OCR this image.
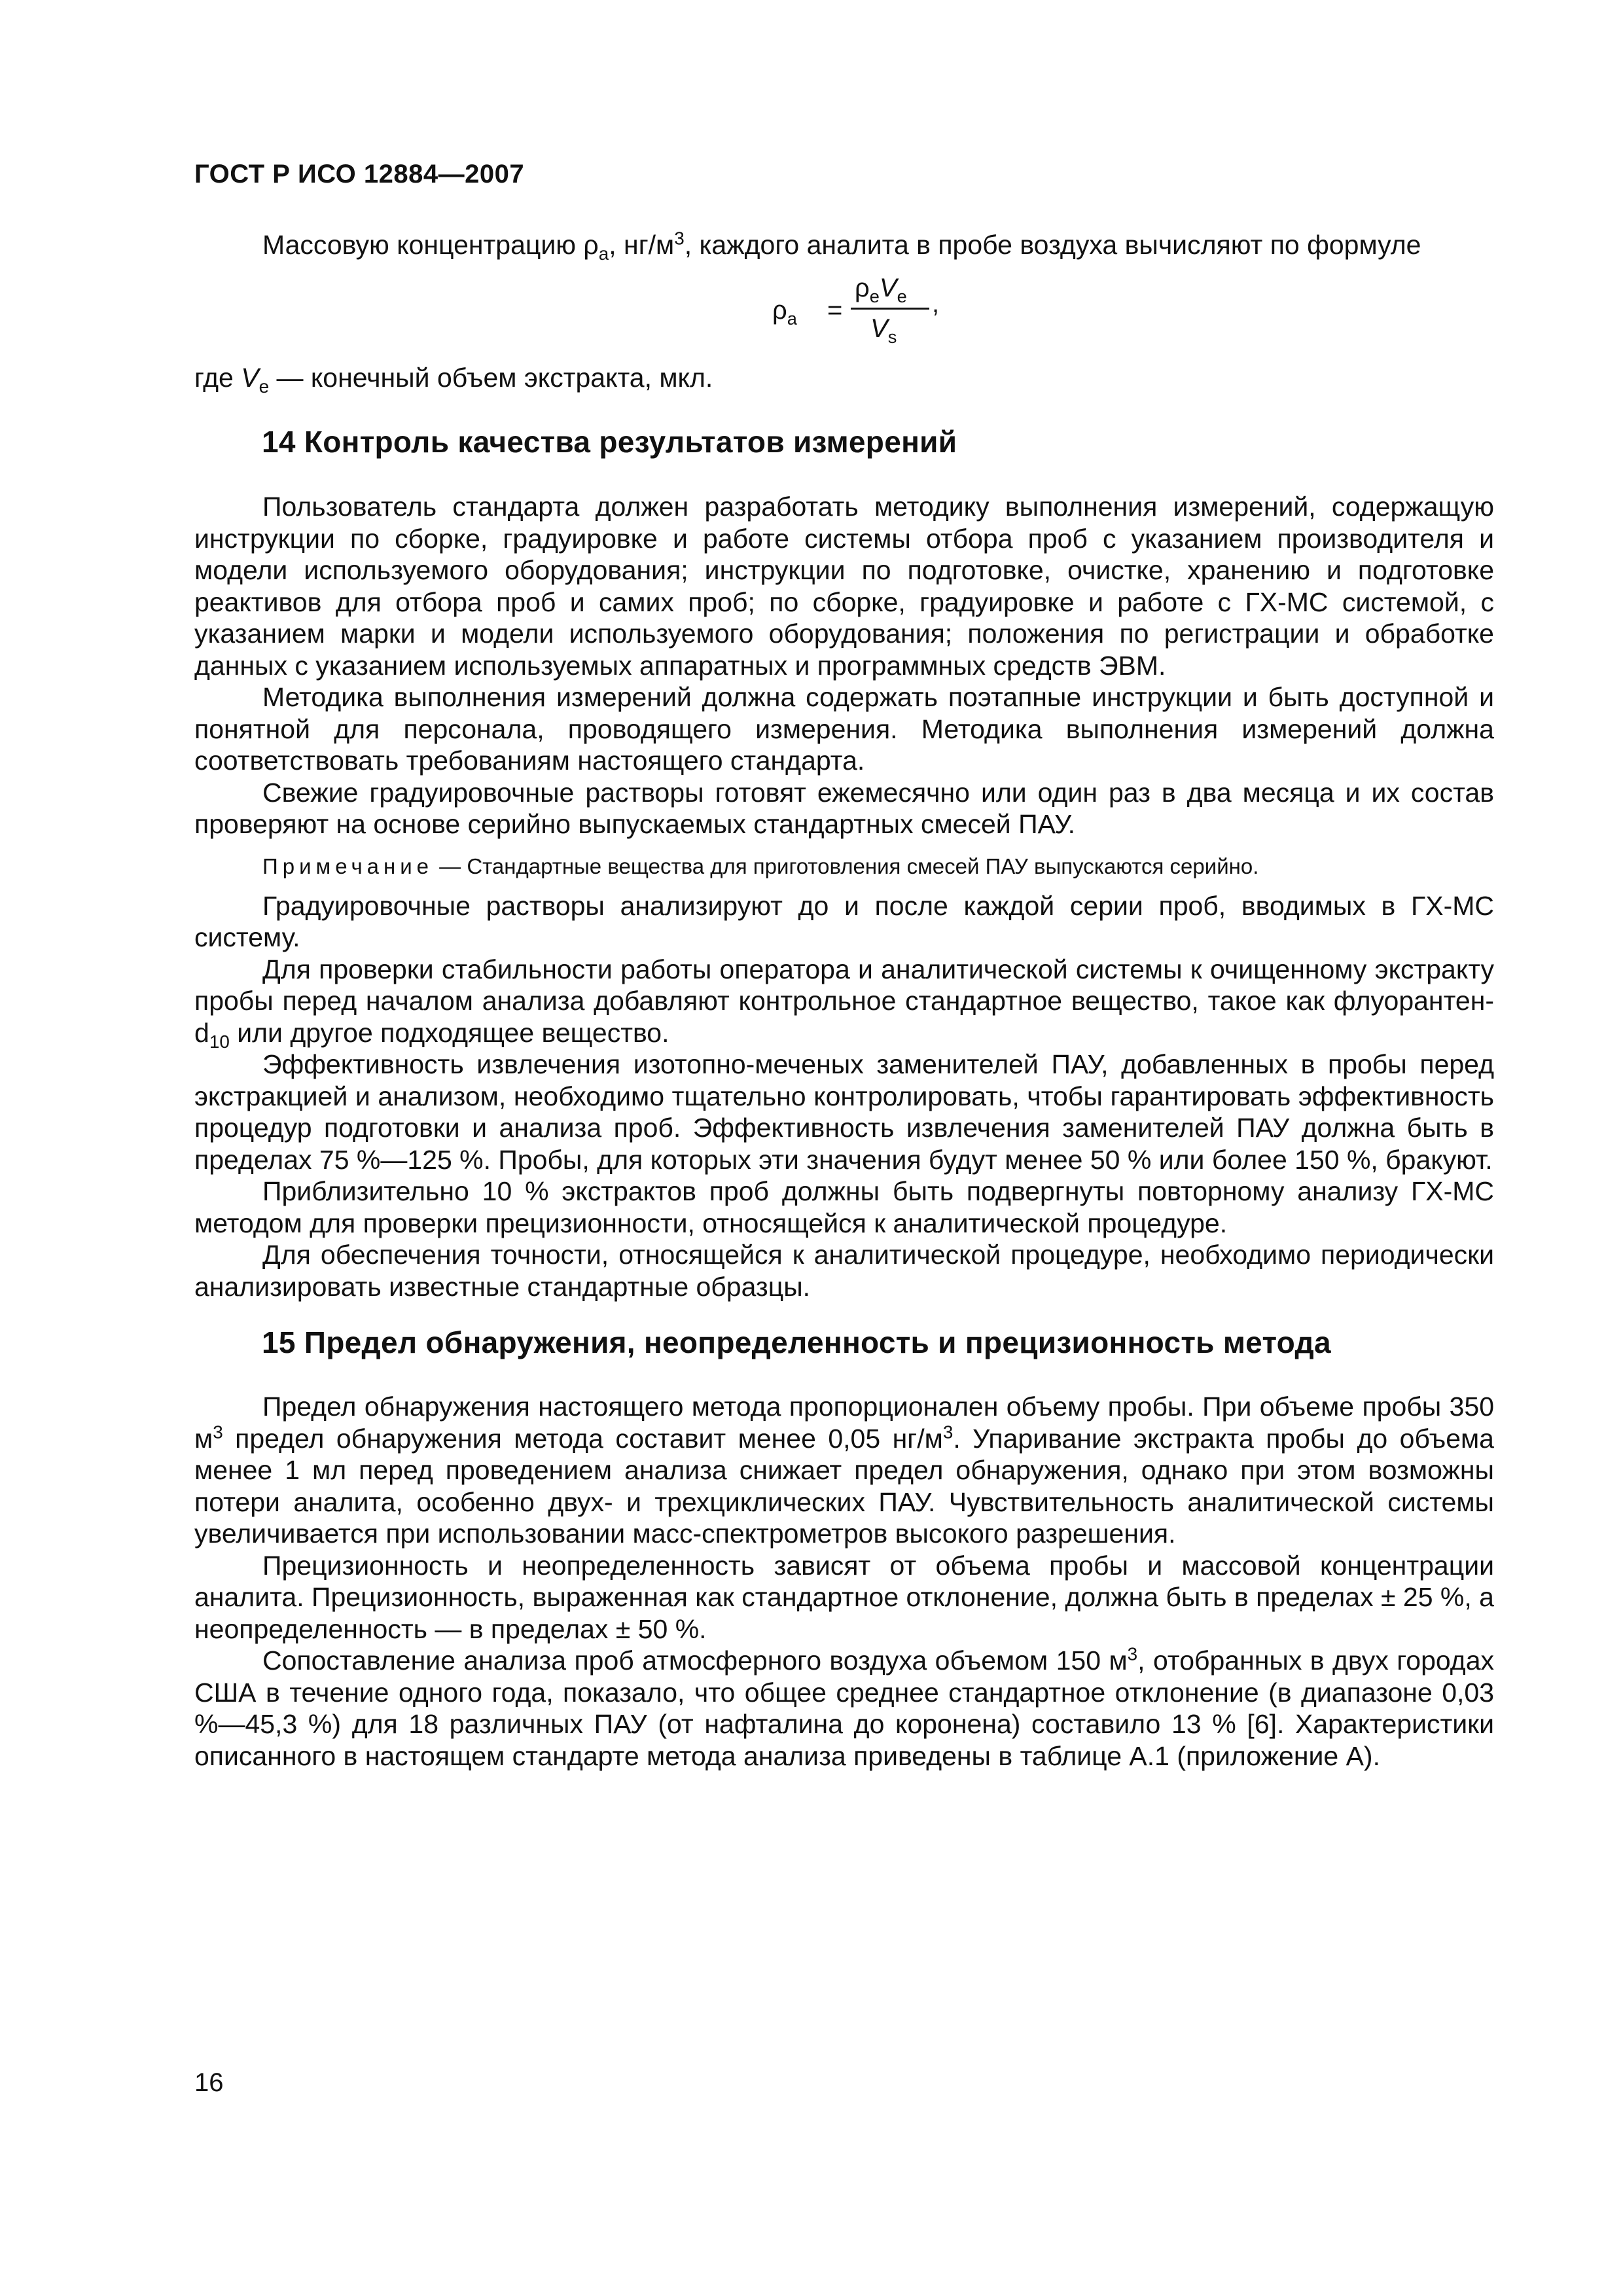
ГОСТ Р ИСО 12884—2007

Массовую концентрацию $\rho_а$, $нг/м^3$, каждого аналита в пробе воздуха вычисляют по формуле

$\rho_a$ =
$\rho_eV_e$
$V_s$
,

где $V_e$ — конечный объем экстракта, мкл.

14 Контроль качества результатов измерений

Пользователь стандарта должен разработать методику выполнения измерений, содержащую инструкции по сборке, градуировке и работе системы отбора проб с указанием производителя и модели используемого оборудования; инструкции по подготовке, очистке, хранению и подготовке реактивов для отбора проб и самих проб; по сборке, градуировке и работе с ГХ-МС системой, с указанием марки и модели используемого оборудования; положения по регистрации и обработке данных с указанием используемых аппаратных и программных средств ЭВМ.

Методика выполнения измерений должна содержать поэтапные инструкции и быть доступной и понятной для персонала, проводящего измерения. Методика выполнения измерений должна соответствовать требованиям настоящего стандарта.

Свежие градуировочные растворы готовят ежемесячно или один раз в два месяца и их состав проверяют на основе серийно выпускаемых стандартных смесей ПАУ.

Примечание — Стандартные вещества для приготовления смесей ПАУ выпускаются серийно.

Градуировочные растворы анализируют до и после каждой серии проб, вводимых в ГХ-МС систему.

Для проверки стабильности работы оператора и аналитической системы к очищенному экстракту пробы перед началом анализа добавляют контрольное стандартное вещество, такое как флуорантен-$d_{10}$ или другое подходящее вещество.

Эффективность извлечения изотопно-меченых заменителей ПАУ, добавленных в пробы перед экстракцией и анализом, необходимо тщательно контролировать, чтобы гарантировать эффективность процедур подготовки и анализа проб. Эффективность извлечения заменителей ПАУ должна быть в пределах 75 %—125 %. Пробы, для которых эти значения будут менее 50 % или более 150 %, бракуют.

Приблизительно 10 % экстрактов проб должны быть подвергнуты повторному анализу ГХ-МС методом для проверки прецизионности, относящейся к аналитической процедуре.

Для обеспечения точности, относящейся к аналитической процедуре, необходимо периодически анализировать известные стандартные образцы.

15 Предел обнаружения, неопределенность и прецизионность метода

Предел обнаружения настоящего метода пропорционален объему пробы. При объеме пробы 350 $м^3$ предел обнаружения метода составит менее 0,05 $нг/м^3$. Упаривание экстракта пробы до объема менее 1 мл перед проведением анализа снижает предел обнаружения, однако при этом возможны потери аналита, особенно двух- и трехциклических ПАУ. Чувствительность аналитической системы увеличивается при использовании масс-спектрометров высокого разрешения.

Прецизионность и неопределенность зависят от объема пробы и массовой концентрации аналита. Прецизионность, выраженная как стандартное отклонение, должна быть в пределах ± 25 %, а неопределенность — в пределах ± 50 %.

Сопоставление анализа проб атмосферного воздуха объемом 150 $м^3$, отобранных в двух городах США в течение одного года, показало, что общее среднее стандартное отклонение (в диапазоне 0,03 %—45,3 %) для 18 различных ПАУ (от нафталина до коронена) составило 13 % [6]. Характеристики описанного в настоящем стандарте метода анализа приведены в таблице А.1 (приложение А).

16
